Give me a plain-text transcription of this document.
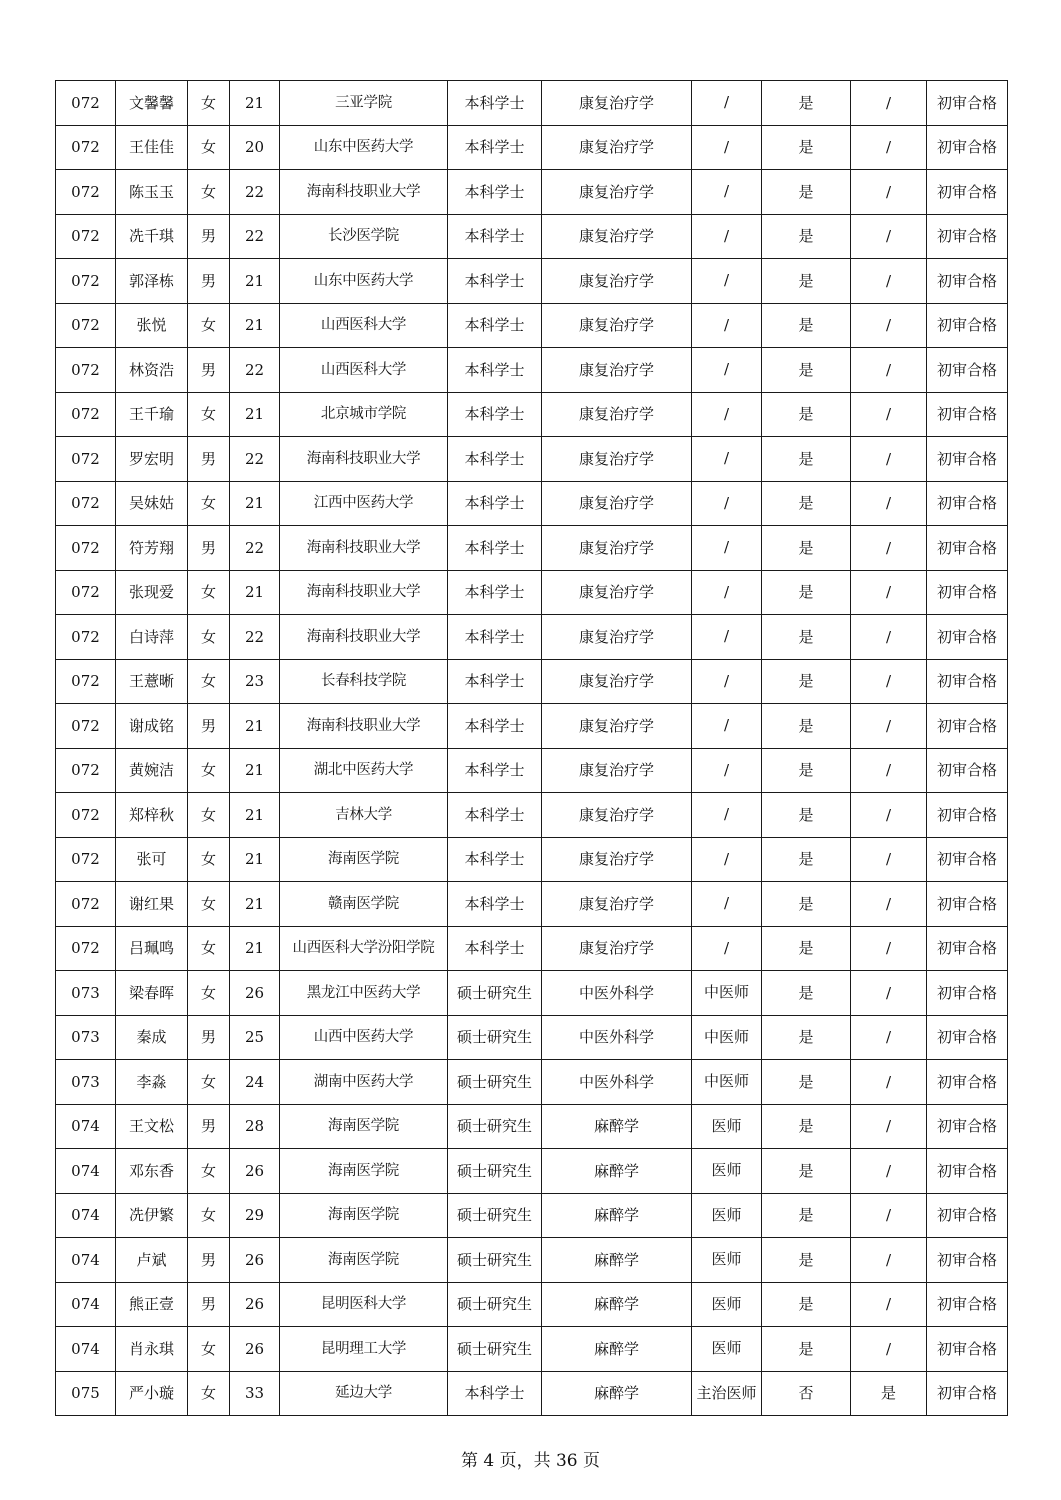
072	文馨馨	女	21	三亚学院	本科学士	康复治疗学	/	是	/	初审合格
072	王佳佳	女	20	山东中医药大学	本科学士	康复治疗学	/	是	/	初审合格
072	陈玉玉	女	22	海南科技职业大学	本科学士	康复治疗学	/	是	/	初审合格
072	冼千琪	男	22	长沙医学院	本科学士	康复治疗学	/	是	/	初审合格
072	郭泽栋	男	21	山东中医药大学	本科学士	康复治疗学	/	是	/	初审合格
072	张悦	女	21	山西医科大学	本科学士	康复治疗学	/	是	/	初审合格
072	林资浩	男	22	山西医科大学	本科学士	康复治疗学	/	是	/	初审合格
072	王千瑜	女	21	北京城市学院	本科学士	康复治疗学	/	是	/	初审合格
072	罗宏明	男	22	海南科技职业大学	本科学士	康复治疗学	/	是	/	初审合格
072	吴妹姑	女	21	江西中医药大学	本科学士	康复治疗学	/	是	/	初审合格
072	符芳翔	男	22	海南科技职业大学	本科学士	康复治疗学	/	是	/	初审合格
072	张现爱	女	21	海南科技职业大学	本科学士	康复治疗学	/	是	/	初审合格
072	白诗萍	女	22	海南科技职业大学	本科学士	康复治疗学	/	是	/	初审合格
072	王薏晰	女	23	长春科技学院	本科学士	康复治疗学	/	是	/	初审合格
072	谢成铭	男	21	海南科技职业大学	本科学士	康复治疗学	/	是	/	初审合格
072	黄婉洁	女	21	湖北中医药大学	本科学士	康复治疗学	/	是	/	初审合格
072	郑梓秋	女	21	吉林大学	本科学士	康复治疗学	/	是	/	初审合格
072	张可	女	21	海南医学院	本科学士	康复治疗学	/	是	/	初审合格
072	谢红果	女	21	赣南医学院	本科学士	康复治疗学	/	是	/	初审合格
072	吕珮鸣	女	21	山西医科大学汾阳学院	本科学士	康复治疗学	/	是	/	初审合格
073	梁春晖	女	26	黑龙江中医药大学	硕士研究生	中医外科学	中医师	是	/	初审合格
073	秦成	男	25	山西中医药大学	硕士研究生	中医外科学	中医师	是	/	初审合格
073	李淼	女	24	湖南中医药大学	硕士研究生	中医外科学	中医师	是	/	初审合格
074	王文松	男	28	海南医学院	硕士研究生	麻醉学	医师	是	/	初审合格
074	邓东香	女	26	海南医学院	硕士研究生	麻醉学	医师	是	/	初审合格
074	冼伊繁	女	29	海南医学院	硕士研究生	麻醉学	医师	是	/	初审合格
074	卢斌	男	26	海南医学院	硕士研究生	麻醉学	医师	是	/	初审合格
074	熊正壹	男	26	昆明医科大学	硕士研究生	麻醉学	医师	是	/	初审合格
074	肖永琪	女	26	昆明理工大学	硕士研究生	麻醉学	医师	是	/	初审合格
075	严小璇	女	33	延边大学	本科学士	麻醉学	主治医师	否	是	初审合格
第 4 页，共 36 页
